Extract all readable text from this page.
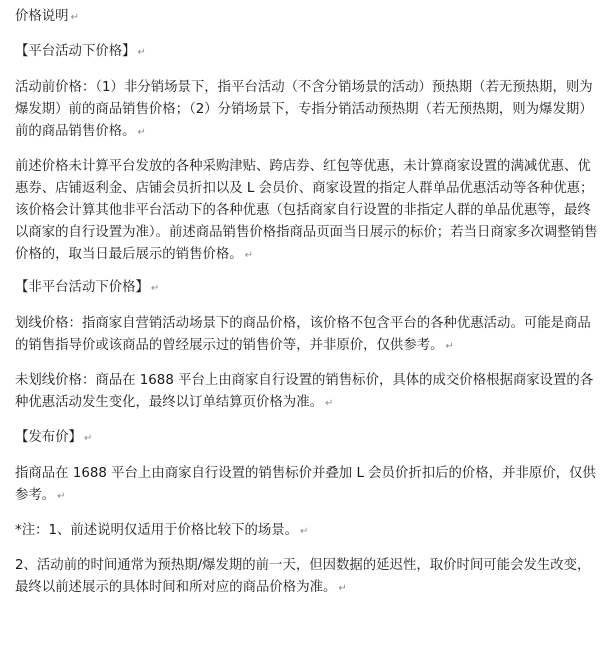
价格说明 ↵

【平台活动下价格】 ↵

活动前价格：（1）非分销场景下，指平台活动（不含分销场景的活动）预热期（若无预热期，则为爆发期）前的商品销售价格；（2）分销场景下，专指分销活动预热期（若无预热期，则为爆发期）前的商品销售价格。 ↵

前述价格未计算平台发放的各种采购津贴、跨店券、红包等优惠，未计算商家设置的满减优惠、优惠券、店铺返利金、店铺会员折扣以及 L 会员价、商家设置的指定人群单品优惠活动等各种优惠；该价格会计算其他非平台活动下的各种优惠（包括商家自行设置的非指定人群的单品优惠等，最终以商家的自行设置为准）。前述商品销售价格指商品页面当日展示的标价；若当日商家多次调整销售价格的，取当日最后展示的销售价格。 ↵

【非平台活动下价格】 ↵

划线价格：指商家自营销活动场景下的商品价格，该价格不包含平台的各种优惠活动。可能是商品的销售指导价或该商品的曾经展示过的销售价等，并非原价，仅供参考。 ↵

未划线价格：商品在 1688 平台上由商家自行设置的销售标价，具体的成交价格根据商家设置的各种优惠活动发生变化，最终以订单结算页价格为准。 ↵

【发布价】 ↵

指商品在 1688 平台上由商家自行设置的销售标价并叠加 L 会员价折扣后的价格，并非原价，仅供参考。 ↵

*注：1、前述说明仅适用于价格比较下的场景。 ↵

2、活动前的时间通常为预热期/爆发期的前一天，但因数据的延迟性，取价时间可能会发生改变，最终以前述展示的具体时间和所对应的商品价格为准。 ↵
